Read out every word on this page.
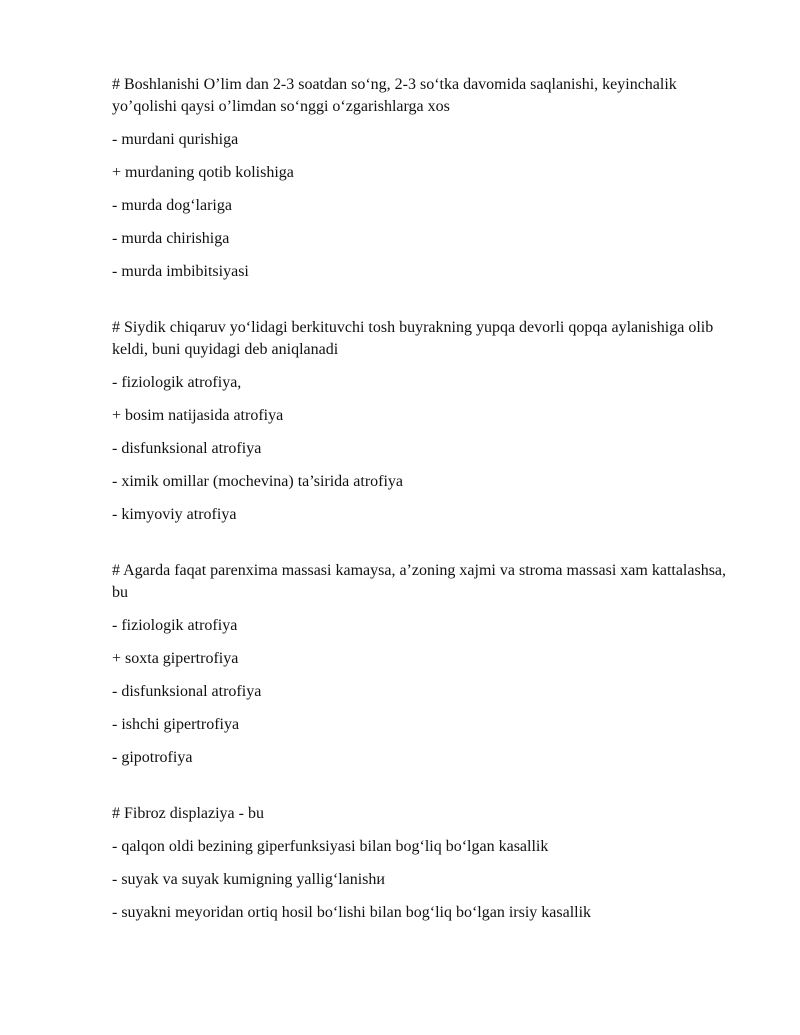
# Boshlanishi O’lim dan 2-3 soatdan so‘ng, 2-3 so‘tka davomida saqlanishi, keyinchalik yo’qolishi qaysi o’limdan so‘nggi o‘zgarishlarga xos

- murdani qurishiga

+ murdaning qotib kolishiga

- murda dog‘lariga

- murda chirishiga

- murda imbibitsiyasi

# Siydik chiqaruv yo‘lidagi berkituvchi tosh buyrakning yupqa devorli qopqa aylanishiga olib keldi, buni quyidagi deb aniqlanadi

- fiziologik atrofiya,

+ bosim natijasida atrofiya

- disfunksional atrofiya

- ximik omillar (mochevina) ta’sirida atrofiya

- kimyoviy atrofiya

# Agarda faqat parenxima massasi kamaysa, a’zoning xajmi va stroma massasi xam kattalashsa, bu

- fiziologik atrofiya

+ soxta gipertrofiya

- disfunksional atrofiya

- ishchi gipertrofiya

- gipotrofiya

# Fibroz displaziya - bu

- qalqon oldi bezining giperfunksiyasi bilan bog‘liq bo‘lgan kasallik

- suyak va suyak kumigning yallig‘lanishи

- suyakni meyoridan ortiq hosil bo‘lishi bilan bog‘liq bo‘lgan irsiy kasallik
